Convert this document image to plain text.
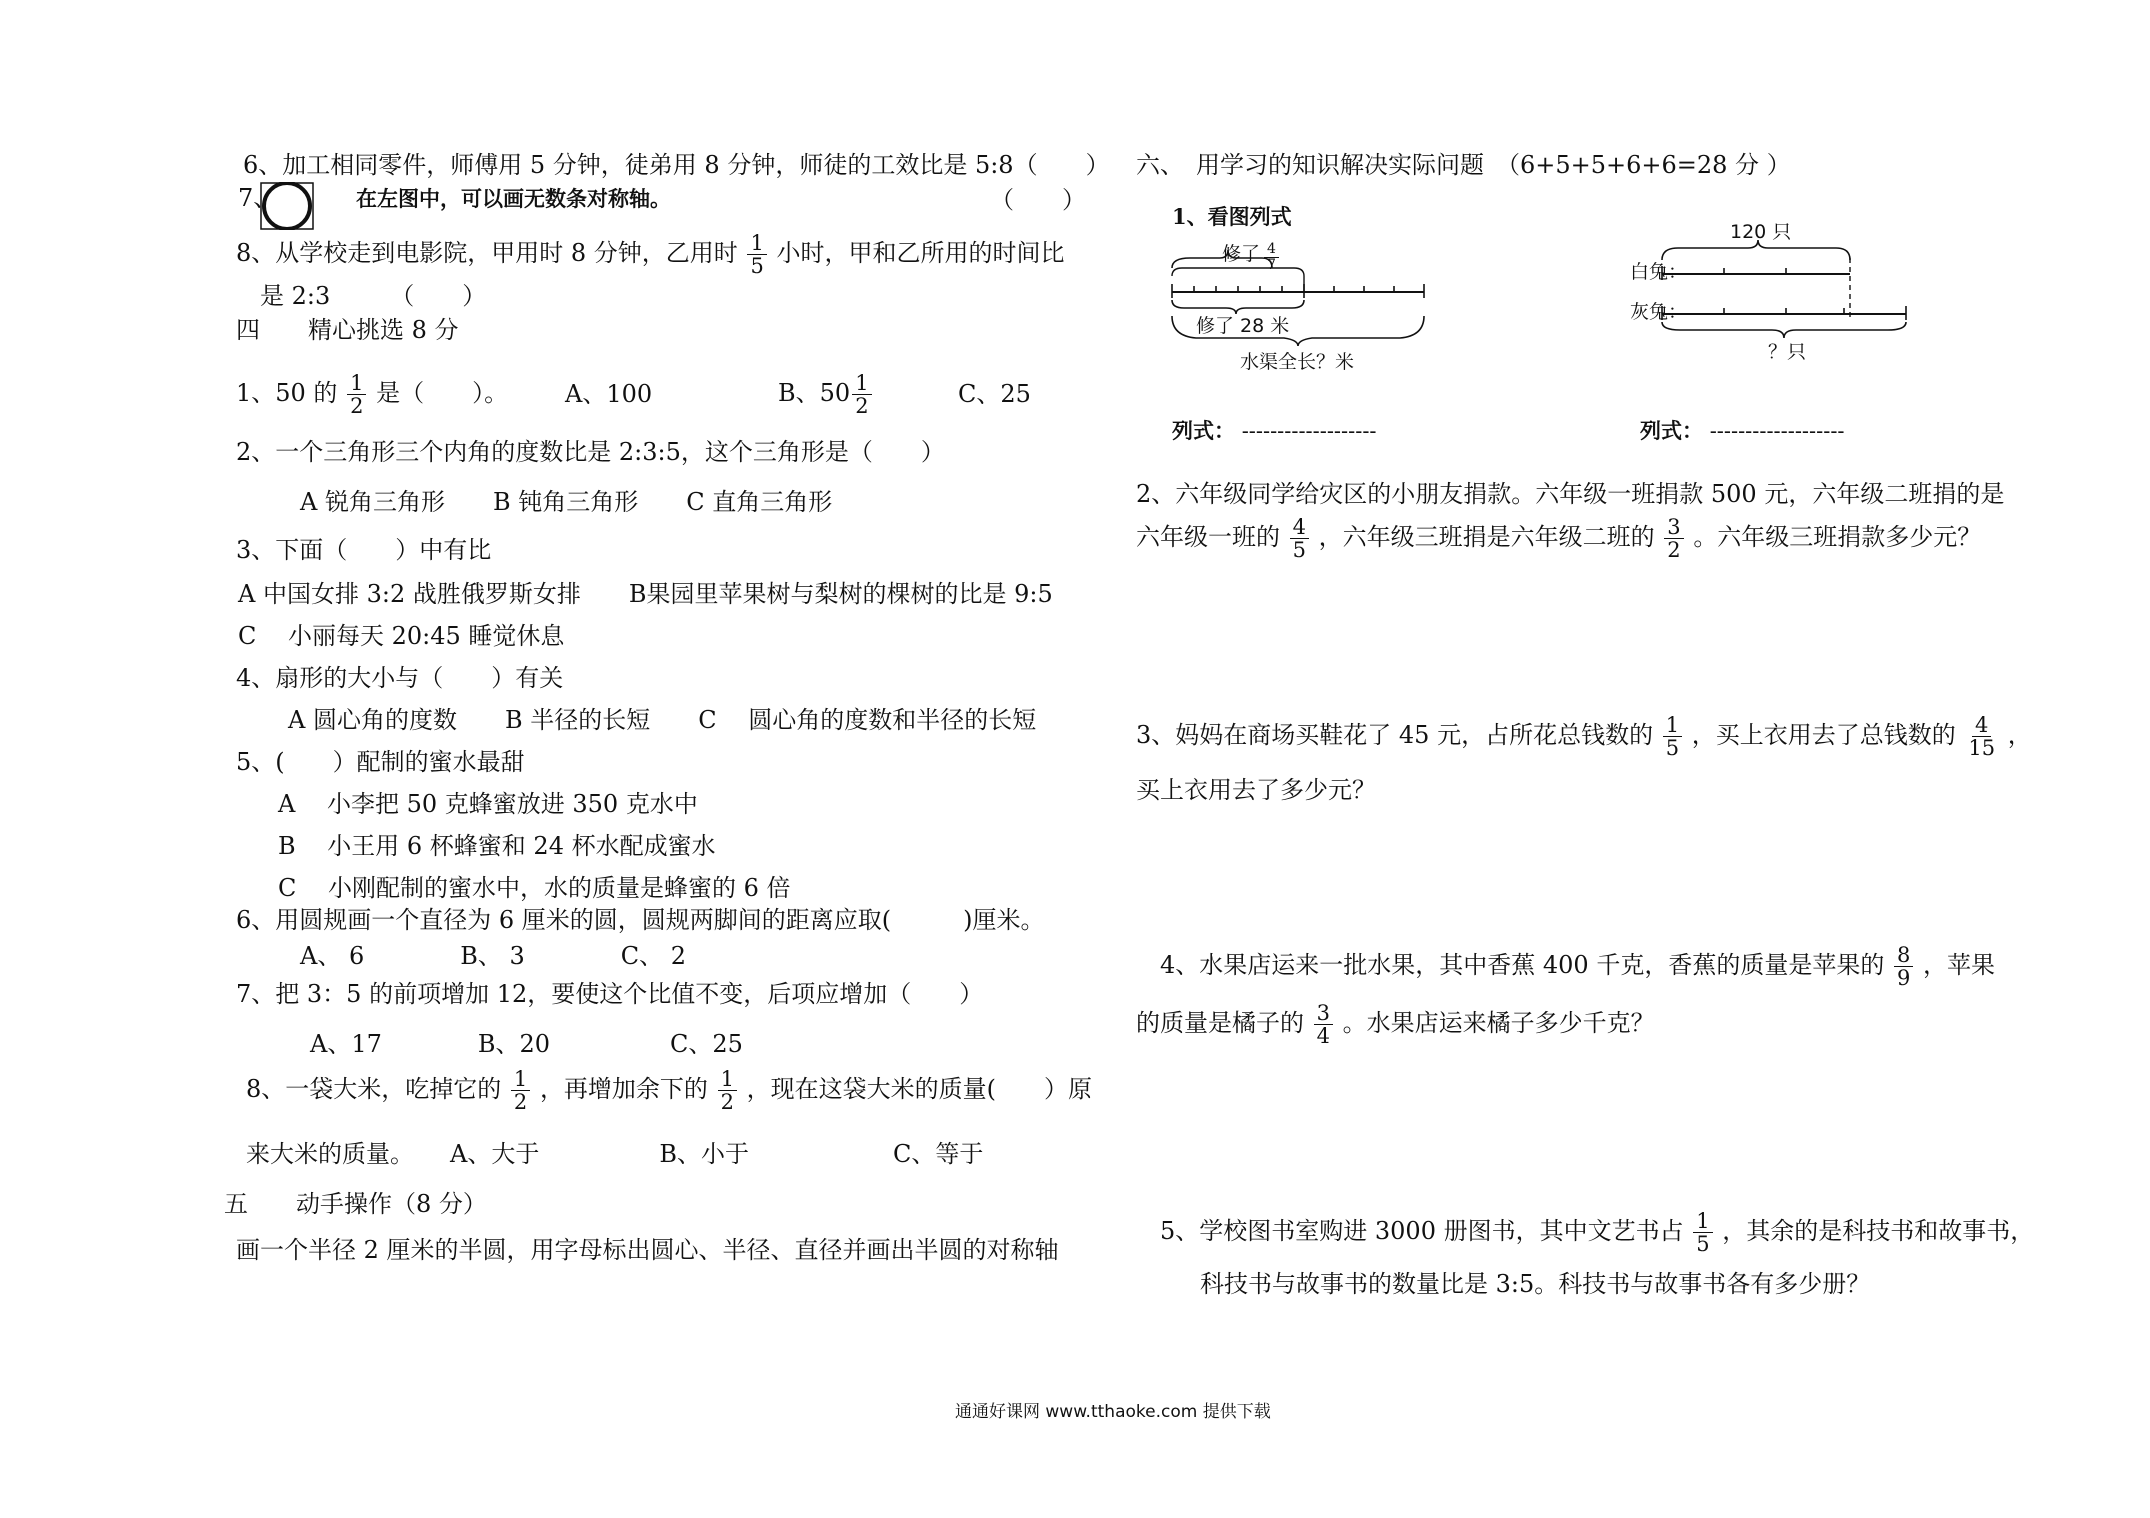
6、加工相同零件，师傅用 5 分钟，徒弟用 8 分钟，师徒的工效比是 5:8（　　）
7、	在左图中，可以画无数条对称轴。	（　　）
8、从学校走到电影院，甲用时 8 分钟，乙用时 $\frac{1}{5}$ 小时，甲和乙所用的时间比
是 2:3　　　（　　）
四　　精心挑选 8 分
1、50 的 $\frac{1}{2}$ 是（　　）。 A、100	B、$50 \frac{1}{2}$	C、25
2、一个三角形三个内角的度数比是 2:3:5，这个三角形是（　　）
A 锐角三角形　　B 钝角三角形　　C 直角三角形
3、下面（　　）中有比
A 中国女排 3:2 战胜俄罗斯女排　　B果园里苹果树与梨树的棵树的比是 9:5
C　 小丽每天 20:45 睡觉休息
4、扇形的大小与（　　）有关
A 圆心角的度数　　B 半径的长短　　C　 圆心角的度数和半径的长短
5、(　　）配制的蜜水最甜
A　 小李把 50 克蜂蜜放进 350 克水中
B　 小王用 6 杯蜂蜜和 24 杯水配成蜜水
C　 小刚配制的蜜水中，水的质量是蜂蜜的 6 倍
6、用圆规画一个直径为 6 厘米的圆，圆规两脚间的距离应取(　　　)厘米。
A、 6　　　　B、 3　　　　C、 2
7、把 3：5 的前项增加 12，要使这个比值不变，后项应增加（　　）
A、17　　　　B、20　　　　　C、25
8、一袋大米，吃掉它的 $\frac{1}{2}$ ，再增加余下的 $\frac{1}{2}$ ，现在这袋大米的质量(　　）原
来大米的质量。　　A、大于　　　　　B、小于　　　　　　C、等于
五　　动手操作（8 分）
画一个半径 2 厘米的半圆，用字母标出圆心、半径、直径并画出半圆的对称轴
六、　用学习的知识解决实际问题　（6+5+5+6+6=28 分 ）
1、看图列式
修了
修了 28 米
水渠全长？米
$\frac{4}{7}$
120 只
白兔：
灰兔：
？只
列式： -------------------	列式： -------------------
2、六年级同学给灾区的小朋友捐款。六年级一班捐款 500 元，六年级二班捐的是
六年级一班的 $\frac{4}{5}$ ，六年级三班捐是六年级二班的 $\frac{3}{2}$ 。六年级三班捐款多少元？
3、妈妈在商场买鞋花了 45 元，占所花总钱数的 $\frac{1}{5}$ ，买上衣用去了总钱数的 $\frac{4}{15}$ ，
买上衣用去了多少元？
4、水果店运来一批水果，其中香蕉 400 千克，香蕉的质量是苹果的 $\frac{8}{9}$ ，苹果
的质量是橘子的 $\frac{3}{4}$ 。水果店运来橘子多少千克？
5、学校图书室购进 3000 册图书，其中文艺书占 $\frac{1}{5}$ ，其余的是科技书和故事书，
科技书与故事书的数量比是 3:5。科技书与故事书各有多少册？
通通好课网 www.tthaoke.com 提供下载
